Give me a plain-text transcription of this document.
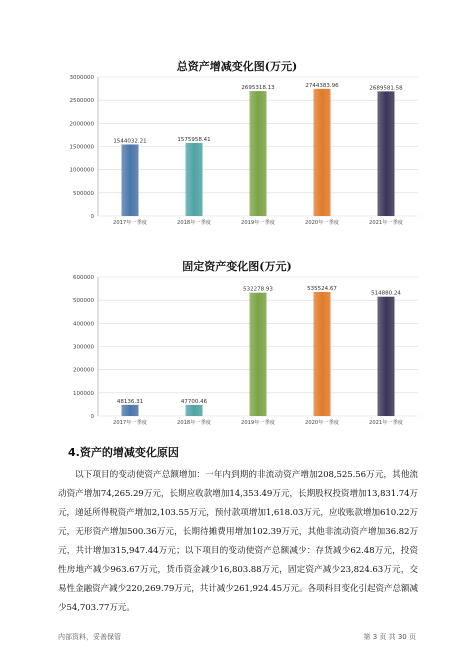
总资产增减变化图(万元)
0
500000
1000000
1500000
2000000
2500000
3000000
1544032.21
2017年一季度
1575958.41
2018年一季度
2695318.13
2019年一季度
2744383.96
2020年一季度
2689581.58
2021年一季度
固定资产变化图(万元)
0
100000
200000
300000
400000
500000
600000
48136.31
2017年一季度
47700.46
2018年一季度
532278.93
2019年一季度
535524.67
2020年一季度
514880.24
2021年一季度
4.资产的增减变化原因
以下项目的变动使资产总额增加：一年内到期的非流动资产增加208,525.56万元，其他流动资产增加74,265.29万元，长期应收款增加14,353.49万元，长期股权投资增加13,831.74万元，递延所得税资产增加2,103.55万元，预付款项增加1,618.03万元，应收账款增加610.22万元，无形资产增加500.36万元，长期待摊费用增加102.39万元，其他非流动资产增加36.82万元，共计增加315,947.44万元；以下项目的变动使资产总额减少：存货减少62.48万元，投资性房地产减少963.67万元，货币资金减少16,803.88万元，固定资产减少23,824.63万元，交易性金融资产减少220,269.79万元，共计减少261,924.45万元。各项科目变化引起资产总额减少54,703.77万元。
内部资料，妥善保管	第 3 页 共 30 页
